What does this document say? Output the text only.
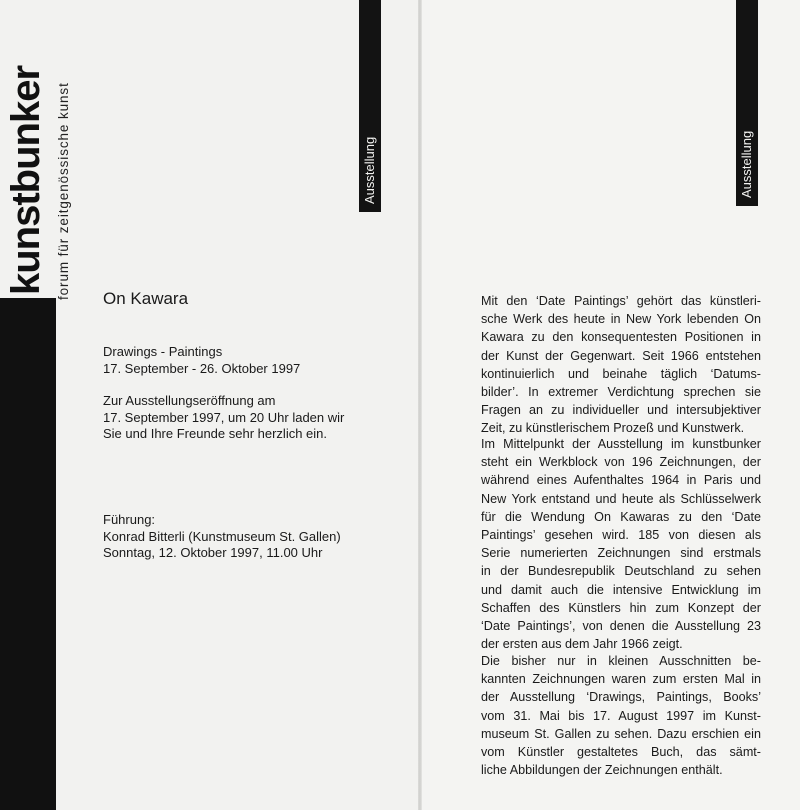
kunstbunker forum für zeitgenössische kunst	Ausstellung	Ausstellung
On Kawara
Drawings - Paintings
17. September - 26. Oktober 1997
Zur Ausstellungseröffnung am
17. September 1997, um 20 Uhr laden wir
Sie und Ihre Freunde sehr herzlich ein.
Führung:
Konrad Bitterli (Kunstmuseum St. Gallen)
Sonntag, 12. Oktober 1997, 11.00 Uhr
Mit den ‘Date Paintings’ gehört das künstleri-
sche Werk des heute in New York lebenden On
Kawara zu den konsequentesten Positionen in
der Kunst der Gegenwart. Seit 1966 entstehen
kontinuierlich und beinahe täglich ‘Datums-
bilder’. In extremer Verdichtung sprechen sie
Fragen an zu individueller und intersubjektiver
Zeit, zu künstlerischem Prozeß und Kunstwerk.
Im Mittelpunkt der Ausstellung im kunstbunker
steht ein Werkblock von 196 Zeichnungen, der
während eines Aufenthaltes 1964 in Paris und
New York entstand und heute als Schlüsselwerk
für die Wendung On Kawaras zu den ‘Date
Paintings’ gesehen wird. 185 von diesen als
Serie numerierten Zeichnungen sind erstmals
in der Bundesrepublik Deutschland zu sehen
und damit auch die intensive Entwicklung im
Schaffen des Künstlers hin zum Konzept der
‘Date Paintings’, von denen die Ausstellung 23
der ersten aus dem Jahr 1966 zeigt.
Die bisher nur in kleinen Ausschnitten be-
kannten Zeichnungen waren zum ersten Mal in
der Ausstellung ‘Drawings, Paintings, Books’
vom 31. Mai bis 17. August 1997 im Kunst-
museum St. Gallen zu sehen. Dazu erschien ein
vom Künstler gestaltetes Buch, das sämt-
liche Abbildungen der Zeichnungen enthält.
